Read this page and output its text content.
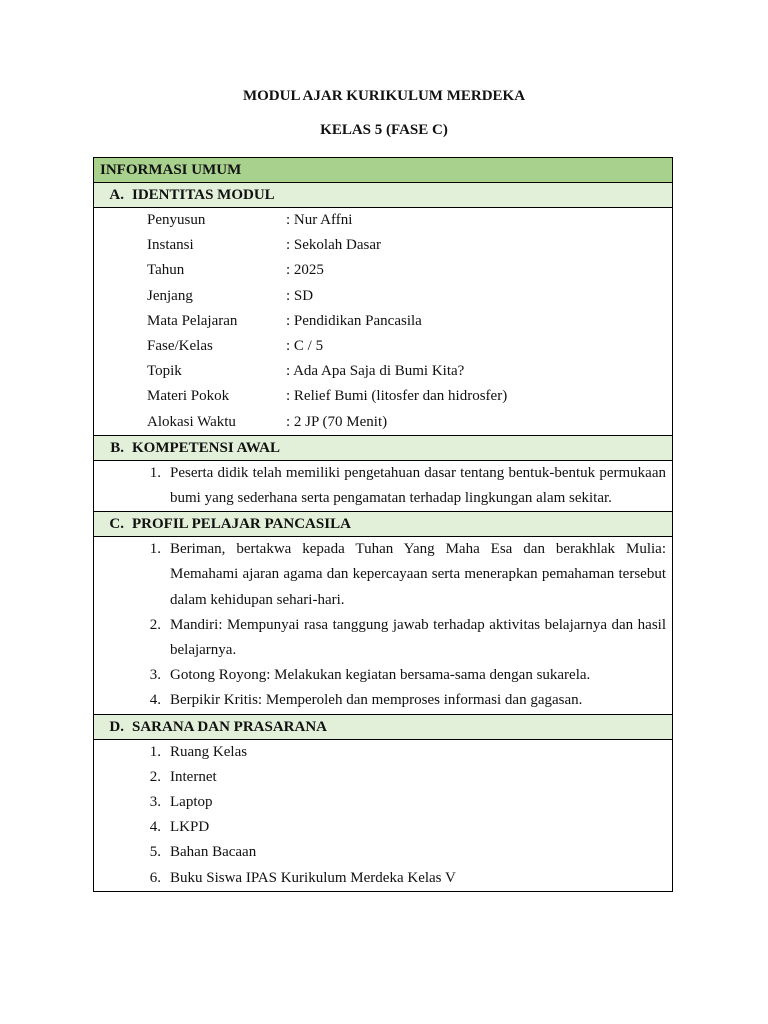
MODUL AJAR KURIKULUM MERDEKA
KELAS 5 (FASE C)
INFORMASI UMUM
A. IDENTITAS MODUL
Penyusun	: Nur Affni
Instansi	: Sekolah Dasar
Tahun	: 2025
Jenjang	: SD
Mata Pelajaran	: Pendidikan Pancasila
Fase/Kelas	: C / 5
Topik	: Ada Apa Saja di Bumi Kita?
Materi Pokok	: Relief Bumi (litosfer dan hidrosfer)
Alokasi Waktu	: 2 JP (70 Menit)
B. KOMPETENSI AWAL
1. Peserta didik telah memiliki pengetahuan dasar tentang bentuk-bentuk permukaan bumi yang sederhana serta pengamatan terhadap lingkungan alam sekitar.
C. PROFIL PELAJAR PANCASILA
1. Beriman, bertakwa kepada Tuhan Yang Maha Esa dan berakhlak Mulia: Memahami ajaran agama dan kepercayaan serta menerapkan pemahaman tersebut dalam kehidupan sehari-hari.
2. Mandiri: Mempunyai rasa tanggung jawab terhadap aktivitas belajarnya dan hasil belajarnya.
3. Gotong Royong: Melakukan kegiatan bersama-sama dengan sukarela.
4. Berpikir Kritis: Memperoleh dan memproses informasi dan gagasan.
D. SARANA DAN PRASARANA
1. Ruang Kelas
2. Internet
3. Laptop
4. LKPD
5. Bahan Bacaan
6. Buku Siswa IPAS Kurikulum Merdeka Kelas V
